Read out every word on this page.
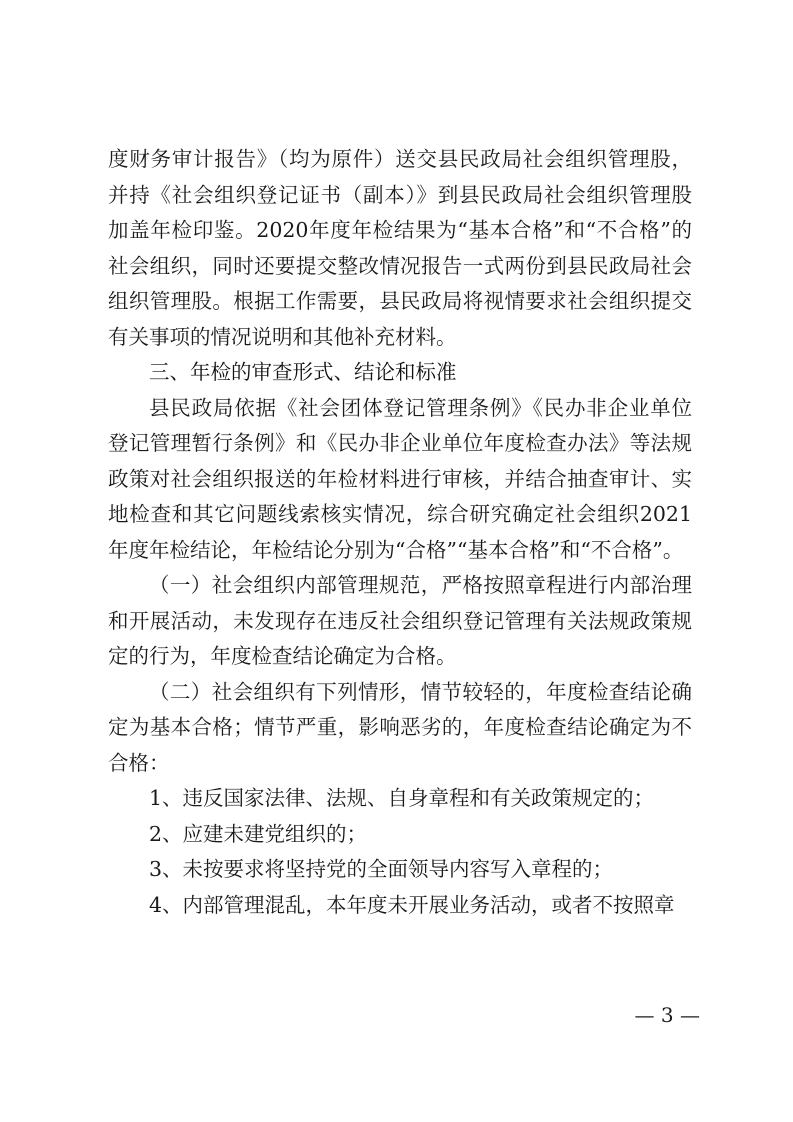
度财务审计报告》（均为原件）送交县民政局社会组织管理股，并持《社会组织登记证书（副本）》到县民政局社会组织管理股加盖年检印鉴。2020年度年检结果为“基本合格”和“不合格”的社会组织，同时还要提交整改情况报告一式两份到县民政局社会组织管理股。根据工作需要，县民政局将视情要求社会组织提交有关事项的情况说明和其他补充材料。

三、年检的审查形式、结论和标准

县民政局依据《社会团体登记管理条例》《民办非企业单位登记管理暂行条例》和《民办非企业单位年度检查办法》等法规政策对社会组织报送的年检材料进行审核，并结合抽查审计、实地检查和其它问题线索核实情况，综合研究确定社会组织2021年度年检结论，年检结论分别为“合格”“基本合格”和“不合格”。

（一）社会组织内部管理规范，严格按照章程进行内部治理和开展活动，未发现存在违反社会组织登记管理有关法规政策规定的行为，年度检查结论确定为合格。

（二）社会组织有下列情形，情节较轻的，年度检查结论确定为基本合格；情节严重，影响恶劣的，年度检查结论确定为不合格：

1、违反国家法律、法规、自身章程和有关政策规定的；

2、应建未建党组织的；

3、未按要求将坚持党的全面领导内容写入章程的；

4、内部管理混乱，本年度未开展业务活动，或者不按照章

— 3 —
